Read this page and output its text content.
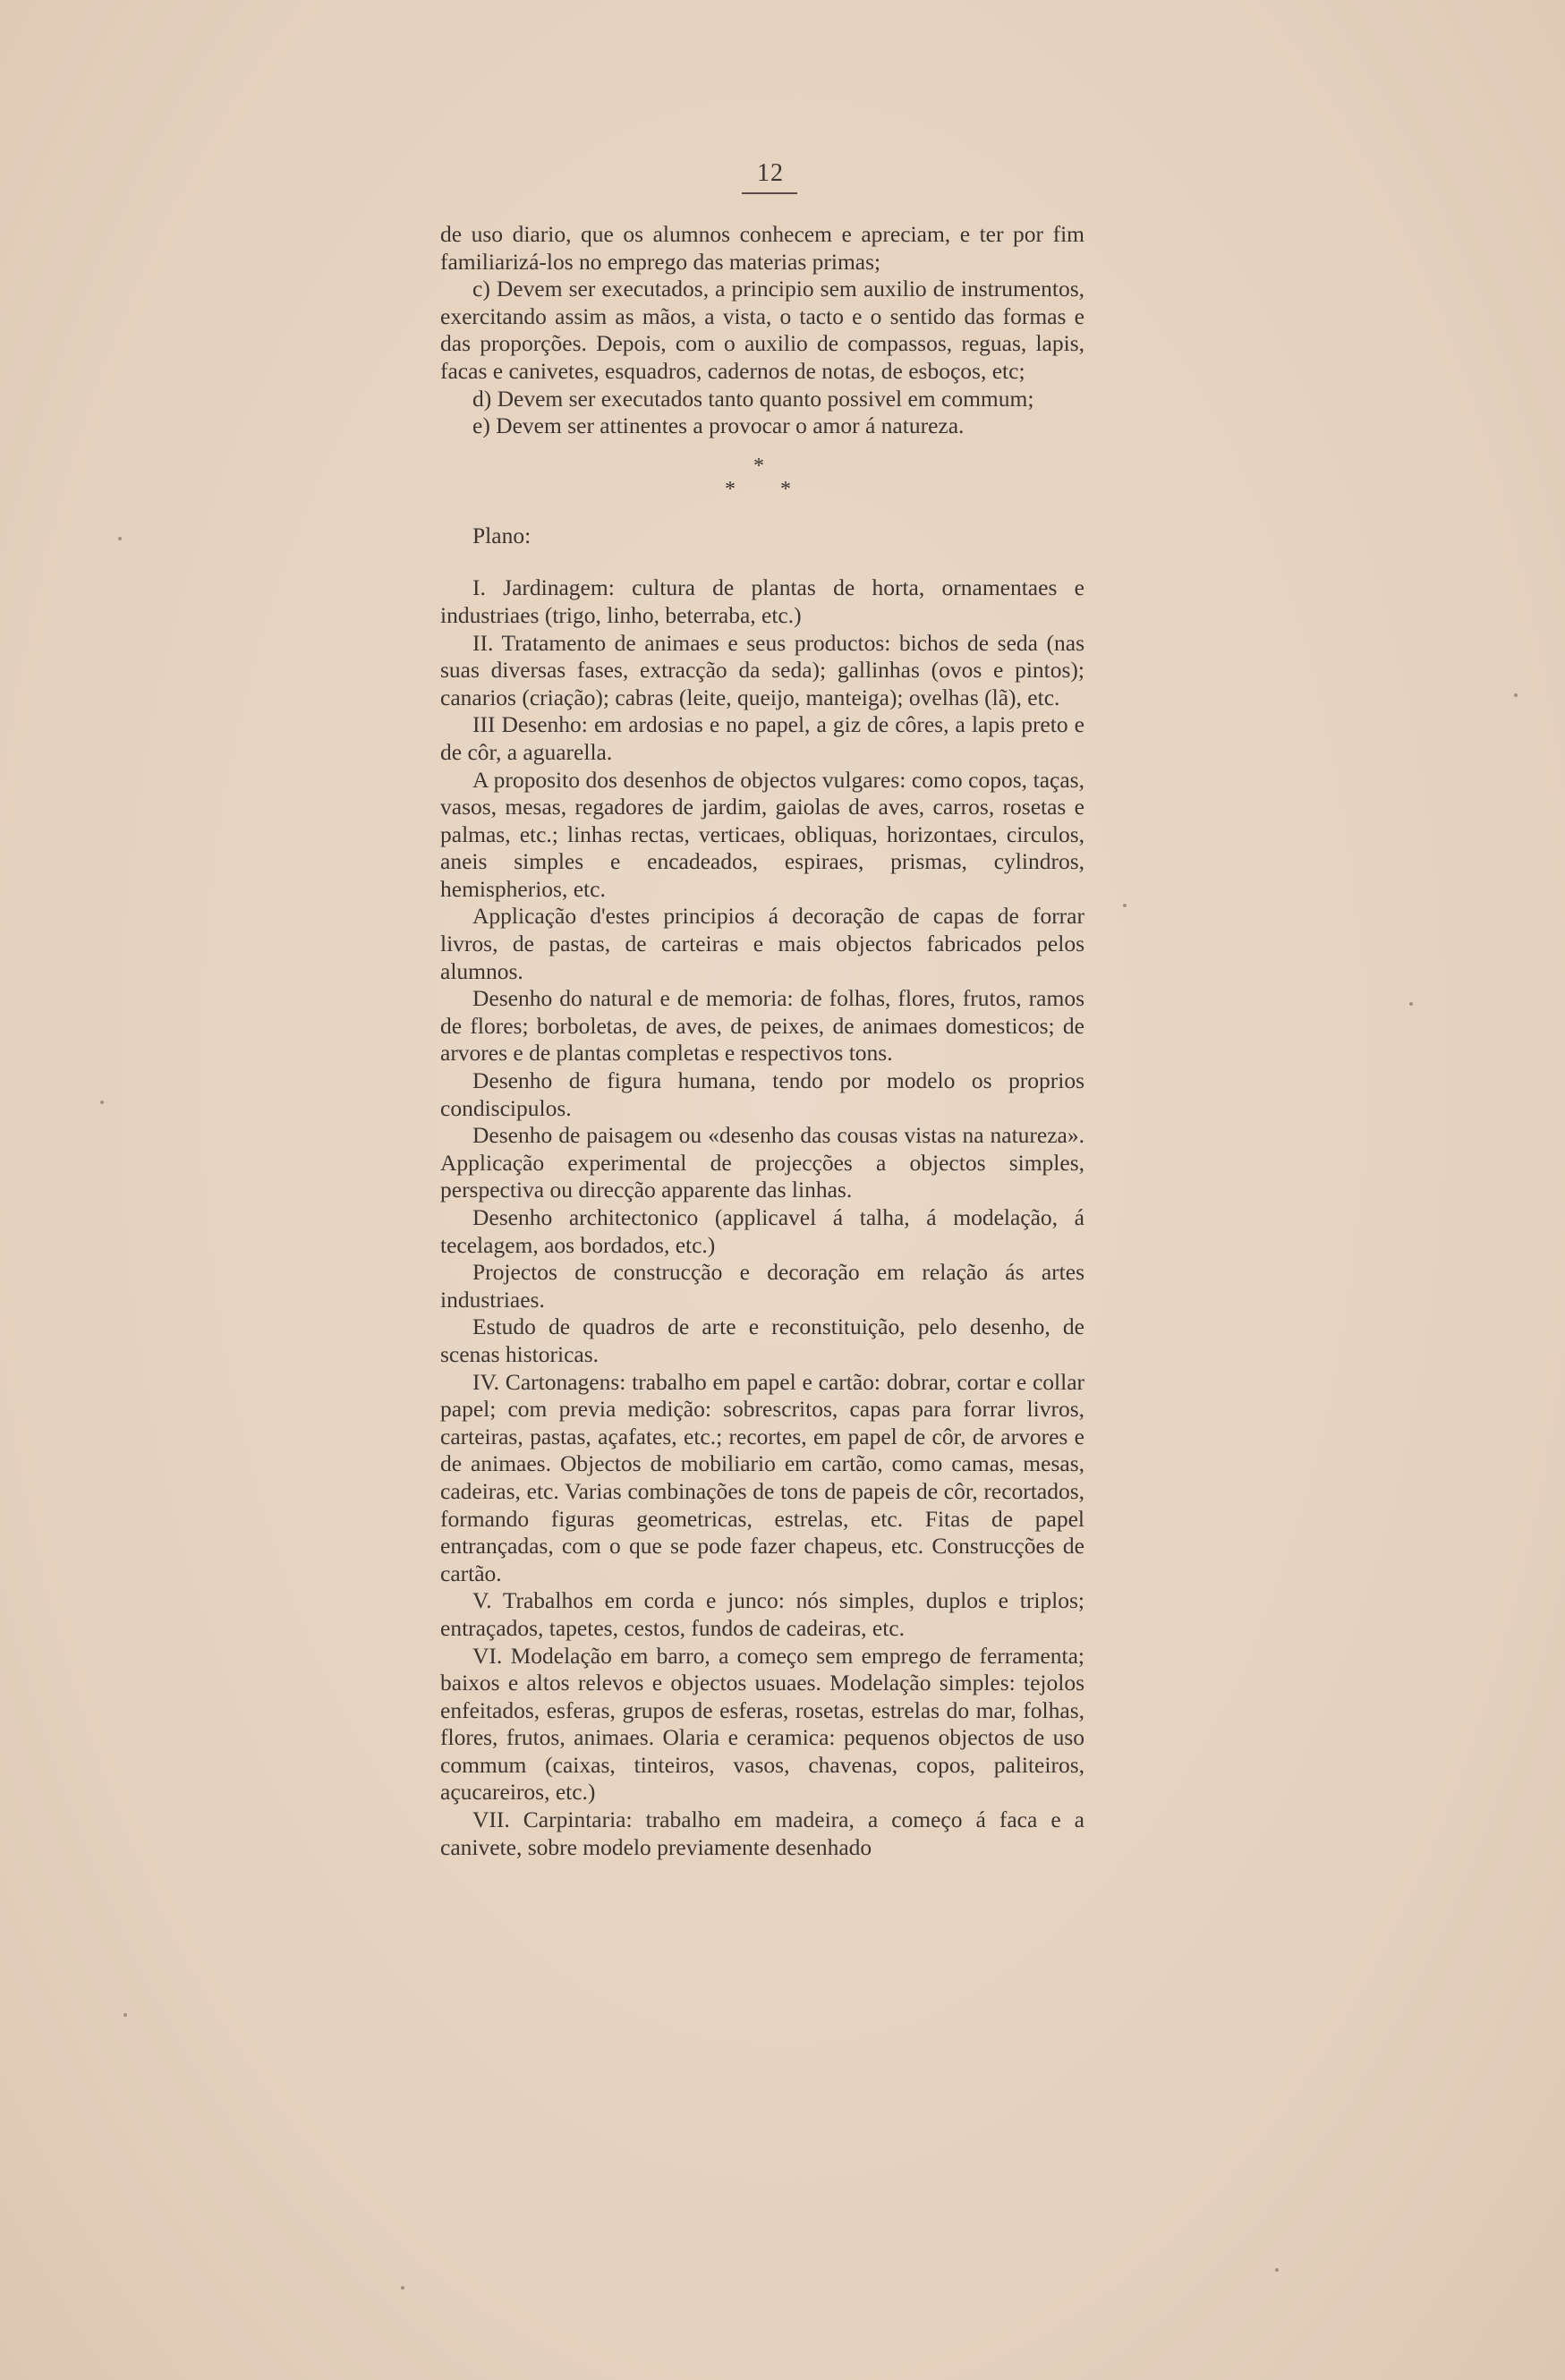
12

de uso diario, que os alumnos conhecem e apreciam, e ter por fim familiarizá-los no emprego das materias primas;

c) Devem ser executados, a principio sem auxilio de instrumentos, exercitando assim as mãos, a vista, o tacto e o sentido das formas e das proporções. Depois, com o auxilio de compassos, reguas, lapis, facas e canivetes, esquadros, cadernos de notas, de esboços, etc;

d) Devem ser executados tanto quanto possivel em commum;

e) Devem ser attinentes a provocar o amor á natureza.

*
* *

Plano:

I. Jardinagem: cultura de plantas de horta, ornamentaes e industriaes (trigo, linho, beterraba, etc.)

II. Tratamento de animaes e seus productos: bichos de seda (nas suas diversas fases, extracção da seda); gallinhas (ovos e pintos); canarios (criação); cabras (leite, queijo, manteiga); ovelhas (lã), etc.

III Desenho: em ardosias e no papel, a giz de côres, a lapis preto e de côr, a aguarella.

A proposito dos desenhos de objectos vulgares: como copos, taças, vasos, mesas, regadores de jardim, gaiolas de aves, carros, rosetas e palmas, etc.; linhas rectas, verticaes, obliquas, horizontaes, circulos, aneis simples e encadeados, espiraes, prismas, cylindros, hemispherios, etc.

Applicação d'estes principios á decoração de capas de forrar livros, de pastas, de carteiras e mais objectos fabricados pelos alumnos.

Desenho do natural e de memoria: de folhas, flores, frutos, ramos de flores; borboletas, de aves, de peixes, de animaes domesticos; de arvores e de plantas completas e respectivos tons.

Desenho de figura humana, tendo por modelo os proprios condiscipulos.

Desenho de paisagem ou «desenho das cousas vistas na natureza». Applicação experimental de projecções a objectos simples, perspectiva ou direcção apparente das linhas.

Desenho architectonico (applicavel á talha, á modelação, á tecelagem, aos bordados, etc.)

Projectos de construcção e decoração em relação ás artes industriaes.

Estudo de quadros de arte e reconstituição, pelo desenho, de scenas historicas.

IV. Cartonagens: trabalho em papel e cartão: dobrar, cortar e collar papel; com previa medição: sobrescritos, capas para forrar livros, carteiras, pastas, açafates, etc.; recortes, em papel de côr, de arvores e de animaes. Objectos de mobiliario em cartão, como camas, mesas, cadeiras, etc. Varias combinações de tons de papeis de côr, recortados, formando figuras geometricas, estrelas, etc. Fitas de papel entrançadas, com o que se pode fazer chapeus, etc. Construcções de cartão.

V. Trabalhos em corda e junco: nós simples, duplos e triplos; entraçados, tapetes, cestos, fundos de cadeiras, etc.

VI. Modelação em barro, a começo sem emprego de ferramenta; baixos e altos relevos e objectos usuaes. Modelação simples: tejolos enfeitados, esferas, grupos de esferas, rosetas, estrelas do mar, folhas, flores, frutos, animaes. Olaria e ceramica: pequenos objectos de uso commum (caixas, tinteiros, vasos, chavenas, copos, paliteiros, açucareiros, etc.)

VII. Carpintaria: trabalho em madeira, a começo á faca e a canivete, sobre modelo previamente desenhado
